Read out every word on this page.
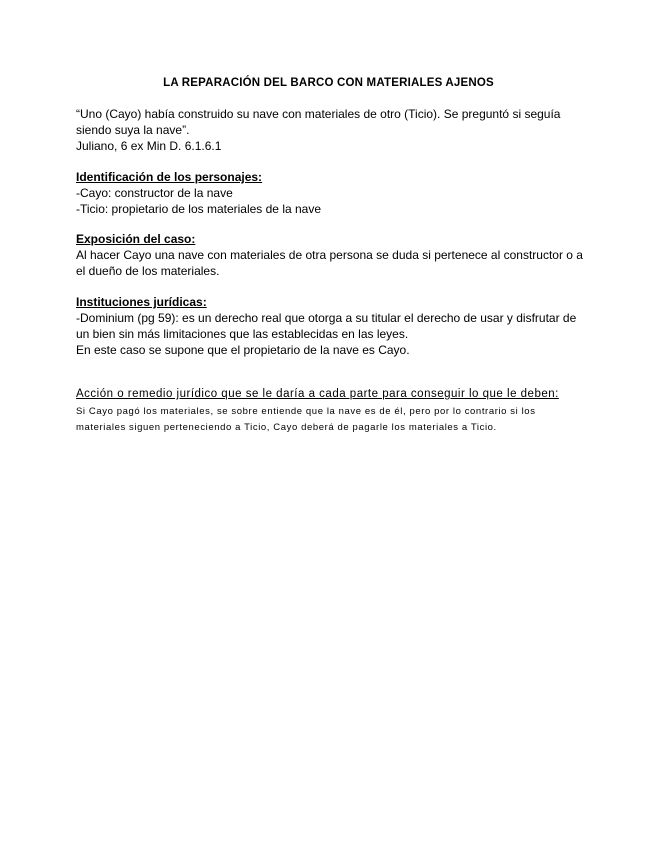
LA REPARACIÓN DEL BARCO CON MATERIALES AJENOS
“Uno (Cayo) había construido su nave con materiales de otro (Ticio). Se preguntó si seguía
siendo suya la nave”.
Juliano, 6 ex Min D. 6.1.6.1
Identificación de los personajes:
-Cayo: constructor de la nave
-Ticio: propietario de los materiales de la nave
Exposición del caso:
Al hacer Cayo una nave con materiales de otra persona se duda si pertenece al constructor o a
el dueño de los materiales.
Instituciones jurídicas:
-Dominium (pg 59): es un derecho real que otorga a su titular el derecho de usar y disfrutar de
un bien sin más limitaciones que las establecidas en las leyes.
En este caso se supone que el propietario de la nave es Cayo.
Acción o remedio jurídico que se le daría a cada parte para conseguir lo que le deben:
Si Cayo pagó los materiales, se sobre entiende que la nave es de él, pero por lo contrario si los
materiales siguen perteneciendo a Ticio, Cayo deberá de pagarle los materiales a Ticio.
